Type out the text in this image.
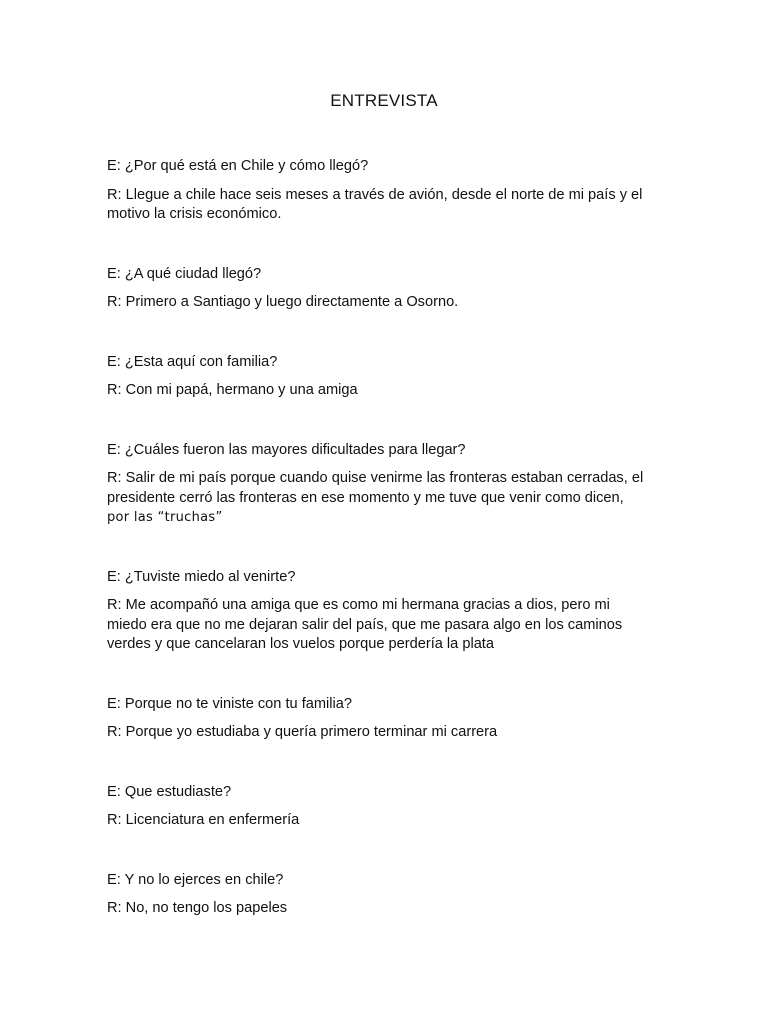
ENTREVISTA

E: ¿Por qué está en Chile y cómo llegó?

R: Llegue a chile hace seis meses a través de avión, desde el norte de mi país y el

motivo la crisis económico.

E: ¿A qué ciudad llegó?

R: Primero a Santiago y luego directamente a Osorno.

E: ¿Esta aquí con familia?

R: Con mi papá, hermano y una amiga

E: ¿Cuáles fueron las mayores dificultades para llegar?

R: Salir de mi país porque cuando quise venirme las fronteras estaban cerradas, el

presidente cerró las fronteras en ese momento y me tuve que venir como dicen,

por las “truchas”

E: ¿Tuviste miedo al venirte?

R: Me acompañó una amiga que es como mi hermana gracias a dios, pero mi

miedo era que no me dejaran salir del país, que me pasara algo en los caminos

verdes y que cancelaran los vuelos porque perdería la plata

E: Porque no te viniste con tu familia?

R: Porque yo estudiaba y quería primero terminar mi carrera

E: Que estudiaste?

R: Licenciatura en enfermería

E: Y no lo ejerces en chile?

R: No, no tengo los papeles
